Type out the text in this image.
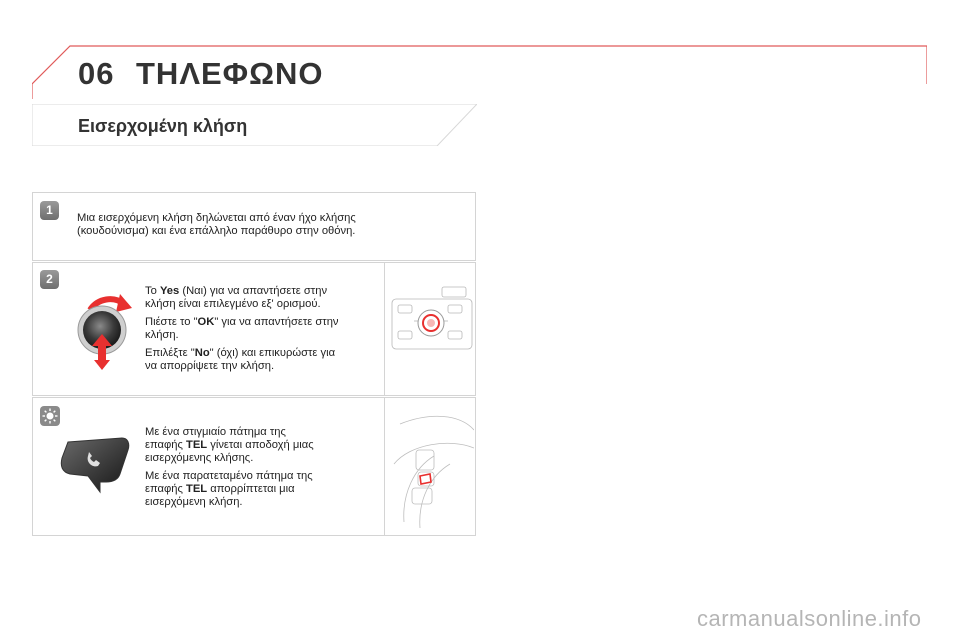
06 ΤΗΛΕΦΩΝΟ
Εισερχομένη κλήση
1
Μια εισερχόμενη κλήση δηλώνεται από έναν ήχο κλήσης
(κουδούνισμα) και ένα επάλληλο παράθυρο στην οθόνη.
2

Το Yes (Ναι) για να απαντήσετε στην
κλήση είναι επιλεγμένο εξ' ορισμού.

Πιέστε το "OK" για να απαντήσετε στην
κλήση.

Επιλέξτε "No" (όχι) και επικυρώστε για
να απορρίψετε την κλήση.

Με ένα στιγμιαίο πάτημα της
επαφής TEL γίνεται αποδοχή μιας
εισερχόμενης κλήσης.

Με ένα παρατεταμένο πάτημα της
επαφής TEL απορρίπτεται μια
εισερχόμενη κλήση.

carmanualsonline.info
